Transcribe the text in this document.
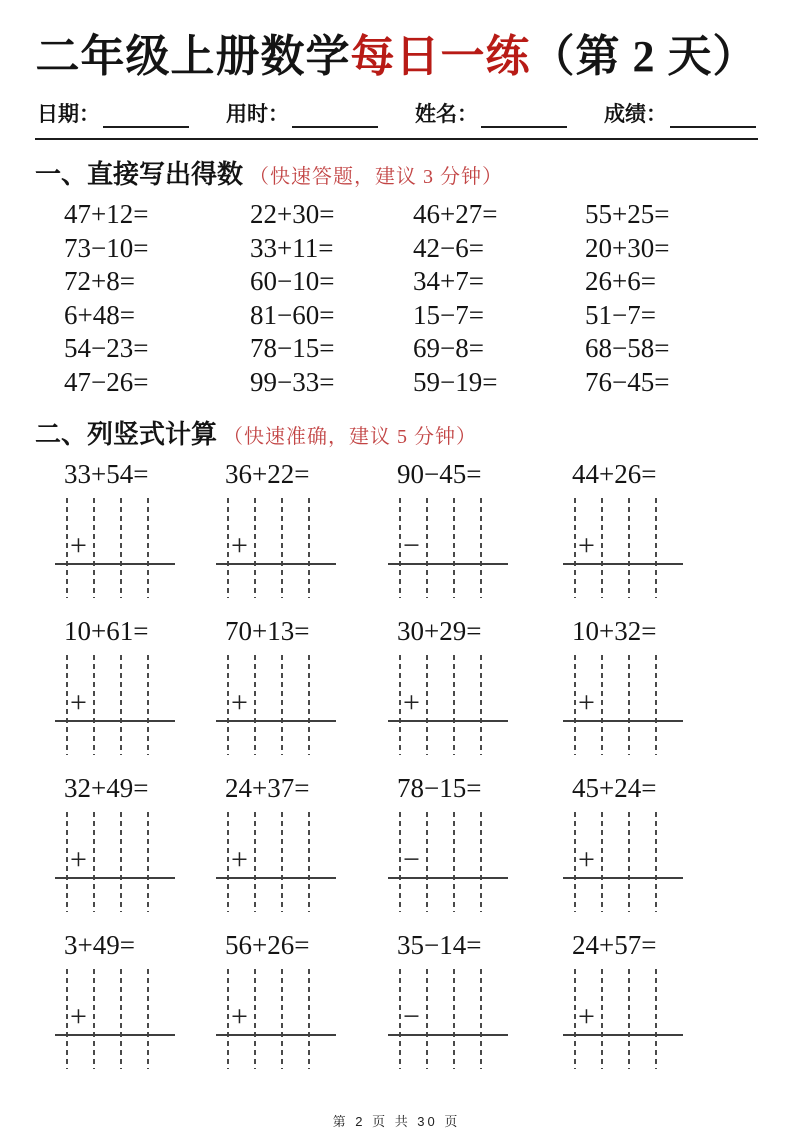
二年级上册数学每日一练（第 2 天）
日期：	用时：	姓名：	成绩：
一、直接写出得数 （快速答题，建议 3 分钟）
47+12=	22+30=	46+27=	55+25=
73−10=	33+11=	42−6=	20+30=
72+8=	60−10=	34+7=	26+6=
6+48=	81−60=	15−7=	51−7=
54−23=	78−15=	69−8=	68−58=
47−26=	99−33=	59−19=	76−45=
二、列竖式计算 （快速准确，建议 5 分钟）
33+54=
+
36+22=
+
90−45=
−
44+26=
+
10+61=
+
70+13=
+
30+29=
+
10+32=
+
32+49=
+
24+37=
+
78−15=
−
45+24=
+
3+49=
+
56+26=
+
35−14=
−
24+57=
+
第 2 页 共 30 页
